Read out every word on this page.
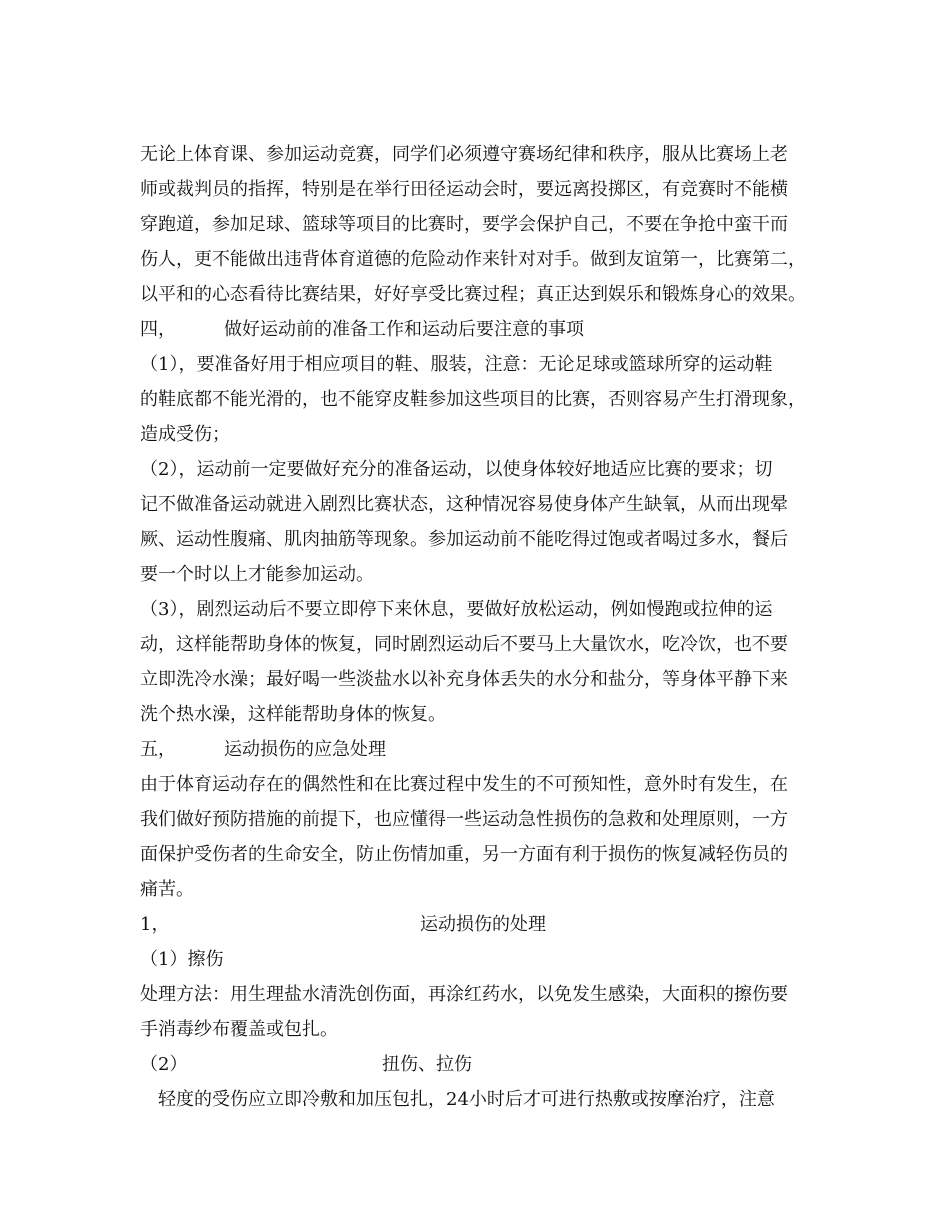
无论上体育课、参加运动竞赛，同学们必须遵守赛场纪律和秩序，服从比赛场上老
师或裁判员的指挥，特别是在举行田径运动会时，要远离投掷区，有竞赛时不能横
穿跑道，参加足球、篮球等项目的比赛时，要学会保护自己，不要在争抢中蛮干而
伤人，更不能做出违背体育道德的危险动作来针对对手。做到友谊第一，比赛第二，
以平和的心态看待比赛结果，好好享受比赛过程；真正达到娱乐和锻炼身心的效果。
四，	做好运动前的准备工作和运动后要注意的事项
（1），要准备好用于相应项目的鞋、服装，注意：无论足球或篮球所穿的运动鞋
的鞋底都不能光滑的，也不能穿皮鞋参加这些项目的比赛，否则容易产生打滑现象，
造成受伤；
（2），运动前一定要做好充分的准备运动，以使身体较好地适应比赛的要求；切
记不做准备运动就进入剧烈比赛状态，这种情况容易使身体产生缺氧，从而出现晕
厥、运动性腹痛、肌肉抽筋等现象。参加运动前不能吃得过饱或者喝过多水，餐后
要一个时以上才能参加运动。
（3），剧烈运动后不要立即停下来休息，要做好放松运动，例如慢跑或拉伸的运
动，这样能帮助身体的恢复，同时剧烈运动后不要马上大量饮水，吃冷饮，也不要
立即洗冷水澡；最好喝一些淡盐水以补充身体丢失的水分和盐分，等身体平静下来
洗个热水澡，这样能帮助身体的恢复。
五，	运动损伤的应急处理
由于体育运动存在的偶然性和在比赛过程中发生的不可预知性，意外时有发生，在
我们做好预防措施的前提下，也应懂得一些运动急性损伤的急救和处理原则，一方
面保护受伤者的生命安全，防止伤情加重，另一方面有利于损伤的恢复减轻伤员的
痛苦。
1，	运动损伤的处理
（1）擦伤
处理方法：用生理盐水清洗创伤面，再涂红药水，以免发生感染，大面积的擦伤要
手消毒纱布覆盖或包扎。
（2）	扭伤、拉伤
轻度的受伤应立即冷敷和加压包扎，24小时后才可进行热敷或按摩治疗，注意
